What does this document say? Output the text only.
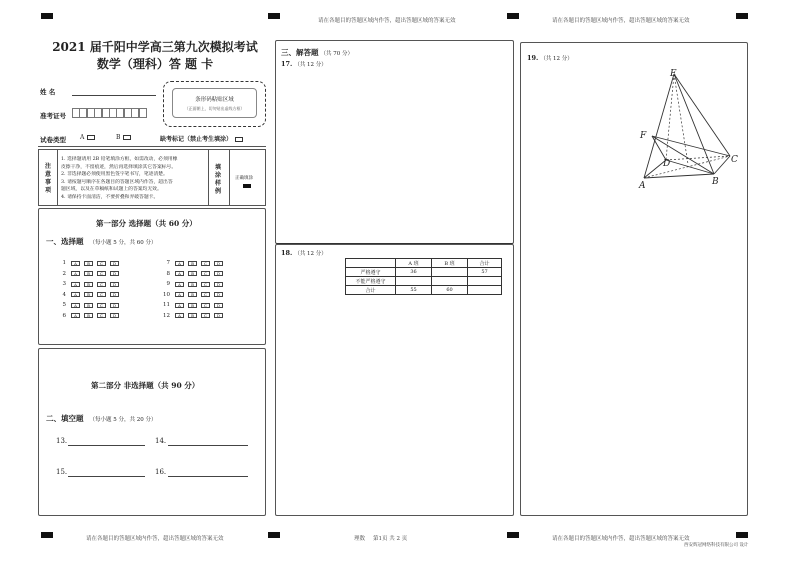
请在各题目的答题区域内作答，超出答题区域的答案无效	请在各题目的答题区域内作答，超出答题区域的答案无效
请在各题目的答题区域内作答，超出答题区域的答案无效	请在各题目的答题区域内作答，超出答题区域的答案无效
2021 届千阳中学高三第九次模拟考试
数学（理科）答 题 卡
姓 名
准考证号
条形码粘贴区域
（正面朝上，切勿贴出虚线方框）
试卷类型 A	B	缺考标记（禁止考生填涂）
注
意
事
项
1. 选择题请用 2B 铅笔填涂方框，如需改动，必须用橡
皮擦干净，不留痕迹，然后再选择填涂其它答案标号。
2. 非选择题必须使用黑色签字笔书写，笔迹清楚。
3. 请按题号顺序在各题目的答题区域内作答，超出答
题区域，以及在草稿纸和试题上的答案均无效。
4. 请保持卡面清洁，不要折叠和弄破答题卡。
填
涂
样
例
正确填涂
第一部分 选择题（共 60 分）
一、选择题 （每小题 5 分，共 60 分）
1	A	B	C	D
2	A	B	C	D
3	A	B	C	D
4	A	B	C	D
5	A	B	C	D
6	A	B	C	D
7	A	B	C	D
8	A	B	C	D
9	A	B	C	D
10	A	B	C	D
11	A	B	C	D
12	A	B	C	D
第二部分 非选择题（共 90 分）
二、填空题 （每小题 5 分，共 20 分）
13.	14.
15.	16.
三、解答题 （共 70 分）
17. （共 12 分）
18. （共 12 分）
	A 班	B 班	合计
严格遵守	36		57
不能严格遵守			
合计	55	60	
19. （共 12 分）
E
F
D	C
A	B
理数 第1页 共 2 页
西安辉冠网络科技有限公司 设计
